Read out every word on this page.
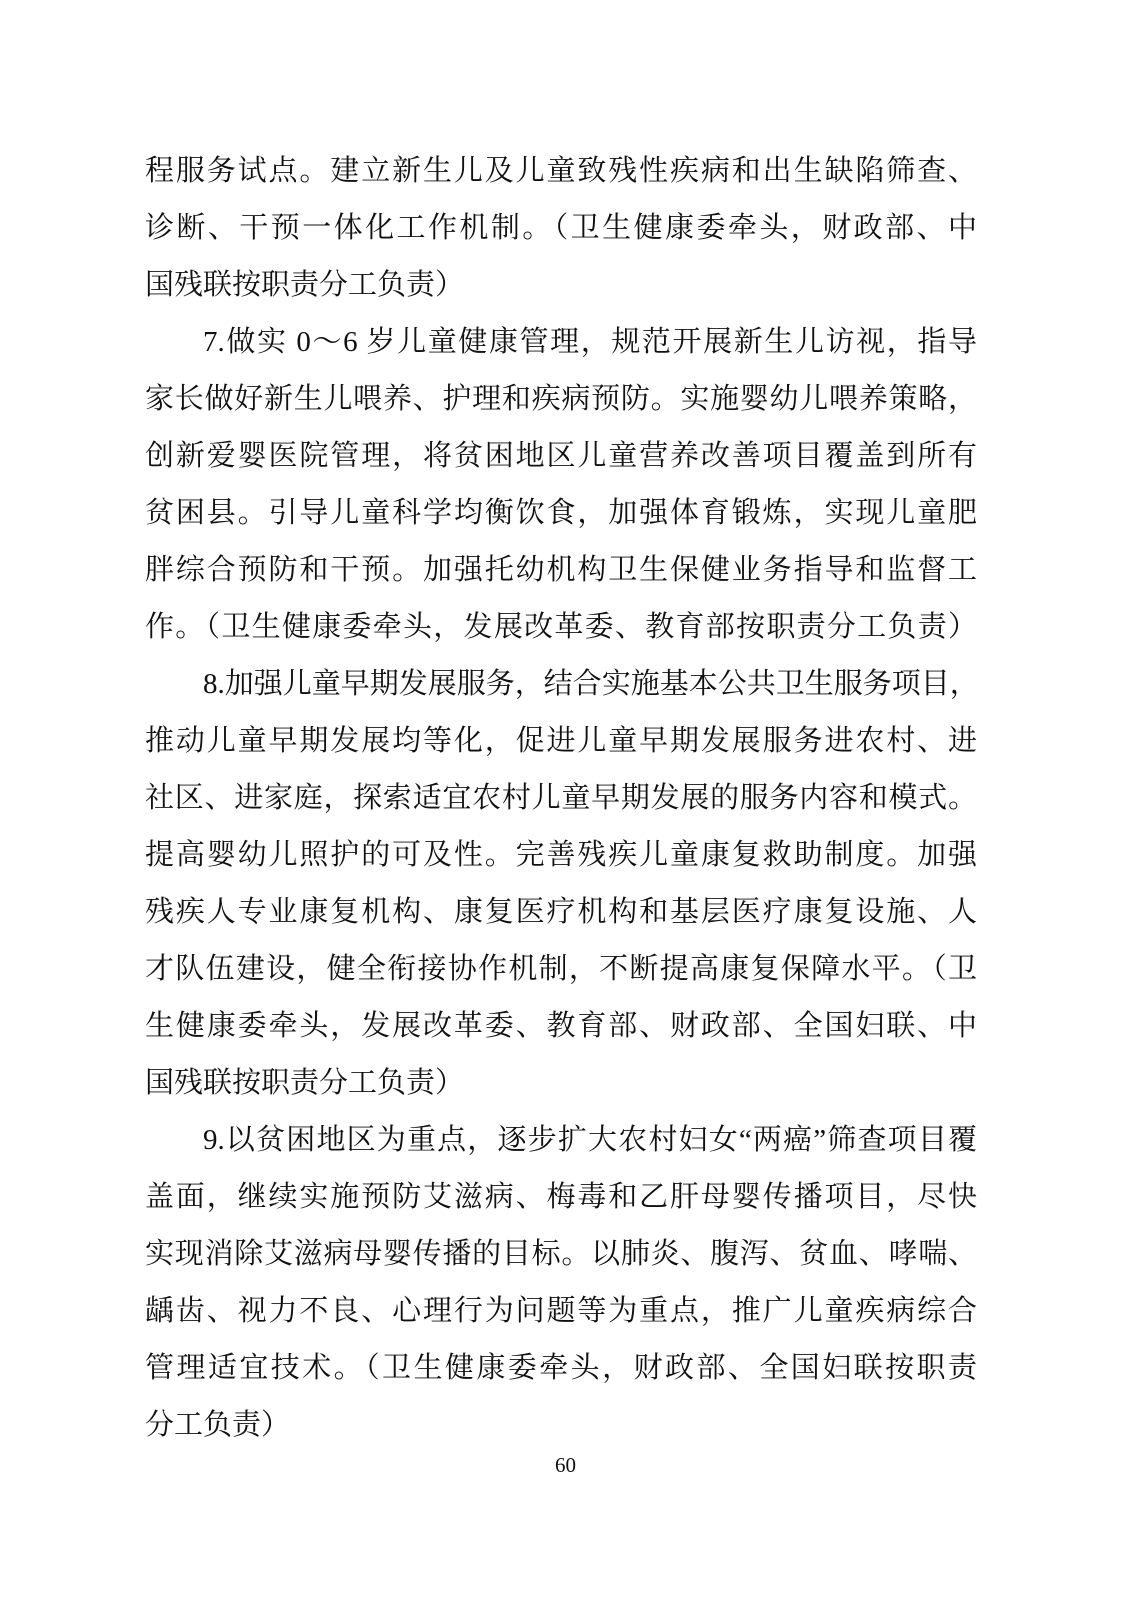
程服务试点。建立新生儿及儿童致残性疾病和出生缺陷筛查、
诊断、干预一体化工作机制。（卫生健康委牵头，财政部、中
国残联按职责分工负责）
7.做实 0～6 岁儿童健康管理，规范开展新生儿访视，指导
家长做好新生儿喂养、护理和疾病预防。实施婴幼儿喂养策略，
创新爱婴医院管理，将贫困地区儿童营养改善项目覆盖到所有
贫困县。引导儿童科学均衡饮食，加强体育锻炼，实现儿童肥
胖综合预防和干预。加强托幼机构卫生保健业务指导和监督工
作。（卫生健康委牵头，发展改革委、教育部按职责分工负责）
8.加强儿童早期发展服务，结合实施基本公共卫生服务项目，
推动儿童早期发展均等化，促进儿童早期发展服务进农村、进
社区、进家庭，探索适宜农村儿童早期发展的服务内容和模式。
提高婴幼儿照护的可及性。完善残疾儿童康复救助制度。加强
残疾人专业康复机构、康复医疗机构和基层医疗康复设施、人
才队伍建设，健全衔接协作机制，不断提高康复保障水平。（卫
生健康委牵头，发展改革委、教育部、财政部、全国妇联、中
国残联按职责分工负责）
9.以贫困地区为重点，逐步扩大农村妇女“两癌”筛查项目覆
盖面，继续实施预防艾滋病、梅毒和乙肝母婴传播项目，尽快
实现消除艾滋病母婴传播的目标。以肺炎、腹泻、贫血、哮喘、
龋齿、视力不良、心理行为问题等为重点，推广儿童疾病综合
管理适宜技术。（卫生健康委牵头，财政部、全国妇联按职责
分工负责）
60
